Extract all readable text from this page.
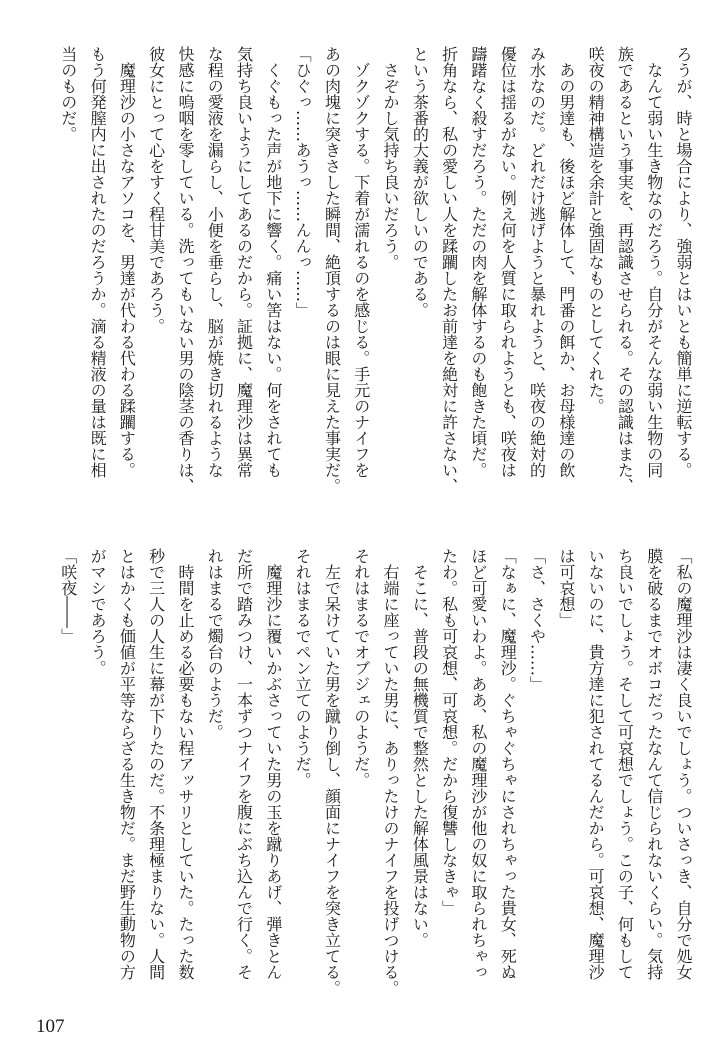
ろうが、時と場合により、強弱とはいとも簡単に逆転する。
　なんて弱い生き物なのだろう。自分がそんな弱い生物の同
族であるという事実を、再認識させられる。その認識はまた、
咲夜の精神構造を余計と強固なものとしてくれた。
　あの男達も、後ほど解体して、門番の餌か、お母様達の飲
み水なのだ。どれだけ逃げようと暴れようと、咲夜の絶対的
優位は揺るがない。例え何を人質に取られようとも、咲夜は
躊躇なく殺すだろう。ただの肉を解体するのも飽きた頃だ。
折角なら、私の愛しい人を蹂躙したお前達を絶対に許さない、
という茶番的大義が欲しいのである。
　さぞかし気持ち良いだろう。
　ゾクゾクする。下着が濡れるのを感じる。手元のナイフを
あの肉塊に突きさした瞬間、絶頂するのは眼に見えた事実だ。
「ひぐっ……あうっ……んんっ……」
　くぐもった声が地下に響く。痛い筈はない。何をされても
気持ち良いようにしてあるのだから。証拠に、魔理沙は異常
な程の愛液を漏らし、小便を垂らし、脳が焼き切れるような
快感に嗚咽を零している。洗ってもいない男の陰茎の香りは、
彼女にとって心をすく程甘美であろう。
　魔理沙の小さなアソコを、男達が代わる代わる蹂躙する。
もう何発膣内に出されたのだろうか。滴る精液の量は既に相
当のものだ。
「私の魔理沙は凄く良いでしょう。ついさっき、自分で処女
膜を破るまでオボコだったなんて信じられないくらい。気持
ち良いでしょう。そして可哀想でしょう。この子、何もして
いないのに、貴方達に犯されてるんだから。可哀想、魔理沙
は可哀想」
「さ、さくや……」
「なぁに、魔理沙。ぐちゃぐちゃにされちゃった貴女、死ぬ
ほど可愛いわよ。ああ、私の魔理沙が他の奴に取られちゃっ
たわ。私も可哀想、可哀想。だから復讐しなきゃ」
　そこに、普段の無機質で整然とした解体風景はない。
　右端に座っていた男に、ありったけのナイフを投げつける。
それはまるでオブジェのようだ。
　左で呆けていた男を蹴り倒し、顔面にナイフを突き立てる。
それはまるでペン立てのようだ。
　魔理沙に覆いかぶさっていた男の玉を蹴りあげ、弾きとん
だ所で踏みつけ、一本ずつナイフを腹にぶち込んで行く。そ
れはまるで燭台のようだ。
　時間を止める必要もない程アッサリとしていた。たった数
秒で三人の人生に幕が下りたのだ。不条理極まりない。人間
とはかくも価値が平等ならざる生き物だ。まだ野生動物の方
がマシであろう。
「咲夜――」
107
